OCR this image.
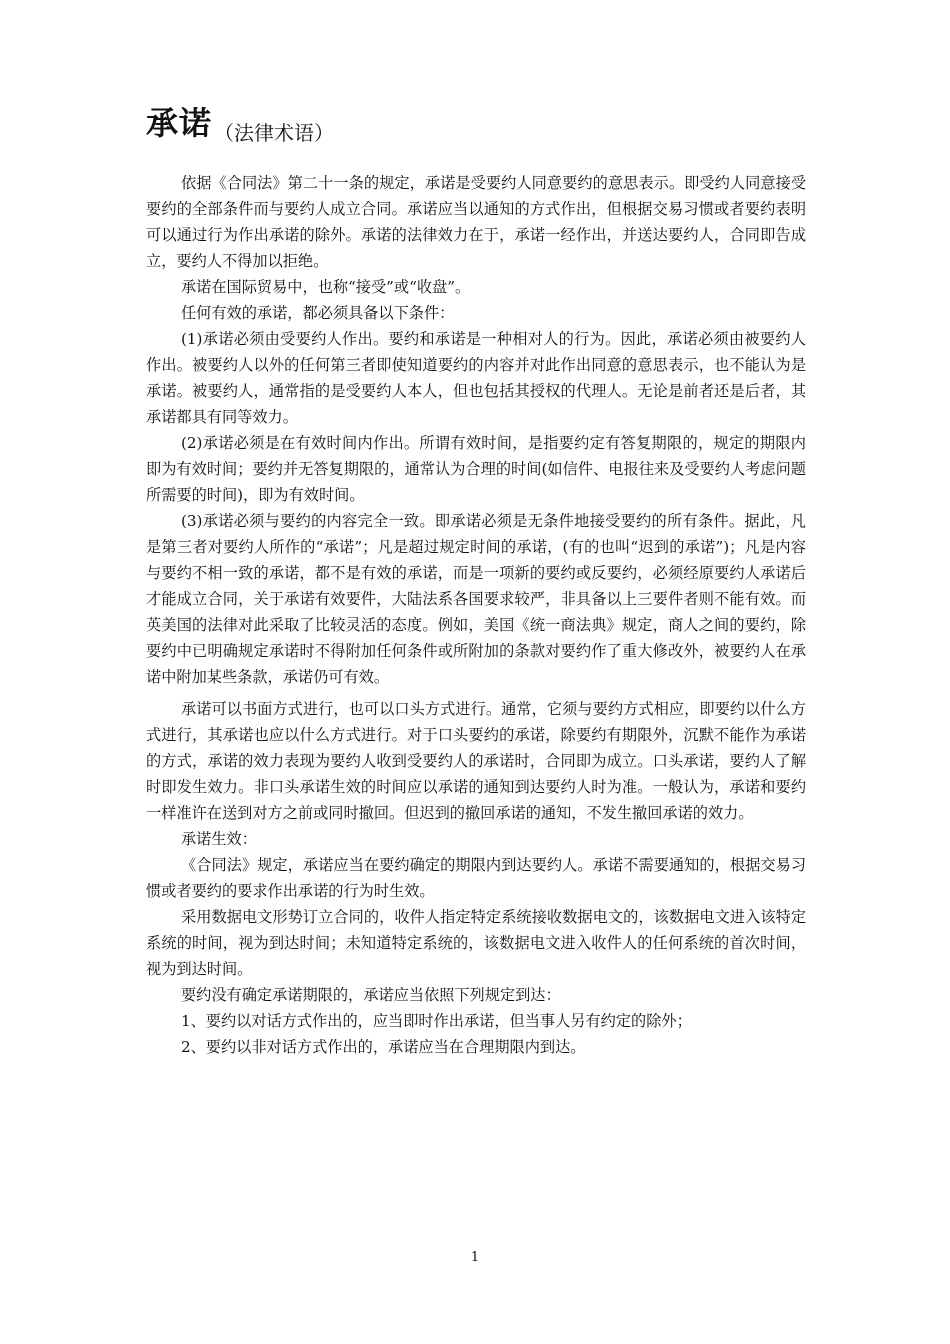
承诺 （法律术语）

依据《合同法》第二十一条的规定，承诺是受要约人同意要约的意思表示。即受约人同意接受要约的全部条件而与要约人成立合同。承诺应当以通知的方式作出，但根据交易习惯或者要约表明可以通过行为作出承诺的除外。承诺的法律效力在于，承诺一经作出，并送达要约人，合同即告成立，要约人不得加以拒绝。

承诺在国际贸易中，也称“接受”或“收盘”。

任何有效的承诺，都必须具备以下条件：

(1)承诺必须由受要约人作出。要约和承诺是一种相对人的行为。因此，承诺必须由被要约人作出。被要约人以外的任何第三者即使知道要约的内容并对此作出同意的意思表示，也不能认为是承诺。被要约人，通常指的是受要约人本人，但也包括其授权的代理人。无论是前者还是后者，其承诺都具有同等效力。

(2)承诺必须是在有效时间内作出。所谓有效时间，是指要约定有答复期限的，规定的期限内即为有效时间；要约并无答复期限的，通常认为合理的时间(如信件、电报往来及受要约人考虑问题所需要的时间)，即为有效时间。

(3)承诺必须与要约的内容完全一致。即承诺必须是无条件地接受要约的所有条件。据此，凡是第三者对要约人所作的“承诺”；凡是超过规定时间的承诺，(有的也叫“迟到的承诺”)；凡是内容与要约不相一致的承诺，都不是有效的承诺，而是一项新的要约或反要约，必须经原要约人承诺后才能成立合同，关于承诺有效要件，大陆法系各国要求较严，非具备以上三要件者则不能有效。而英美国的法律对此采取了比较灵活的态度。例如，美国《统一商法典》规定，商人之间的要约，除要约中已明确规定承诺时不得附加任何条件或所附加的条款对要约作了重大修改外，被要约人在承诺中附加某些条款，承诺仍可有效。

承诺可以书面方式进行，也可以口头方式进行。通常，它须与要约方式相应，即要约以什么方式进行，其承诺也应以什么方式进行。对于口头要约的承诺，除要约有期限外，沉默不能作为承诺的方式，承诺的效力表现为要约人收到受要约人的承诺时，合同即为成立。口头承诺，要约人了解时即发生效力。非口头承诺生效的时间应以承诺的通知到达要约人时为准。一般认为，承诺和要约一样准许在送到对方之前或同时撤回。但迟到的撤回承诺的通知，不发生撤回承诺的效力。

承诺生效：

《合同法》规定，承诺应当在要约确定的期限内到达要约人。承诺不需要通知的，根据交易习惯或者要约的要求作出承诺的行为时生效。

采用数据电文形势订立合同的，收件人指定特定系统接收数据电文的，该数据电文进入该特定系统的时间，视为到达时间；未知道特定系统的，该数据电文进入收件人的任何系统的首次时间，视为到达时间。

要约没有确定承诺期限的，承诺应当依照下列规定到达：

1、要约以对话方式作出的，应当即时作出承诺，但当事人另有约定的除外；

2、要约以非对话方式作出的，承诺应当在合理期限内到达。

1
